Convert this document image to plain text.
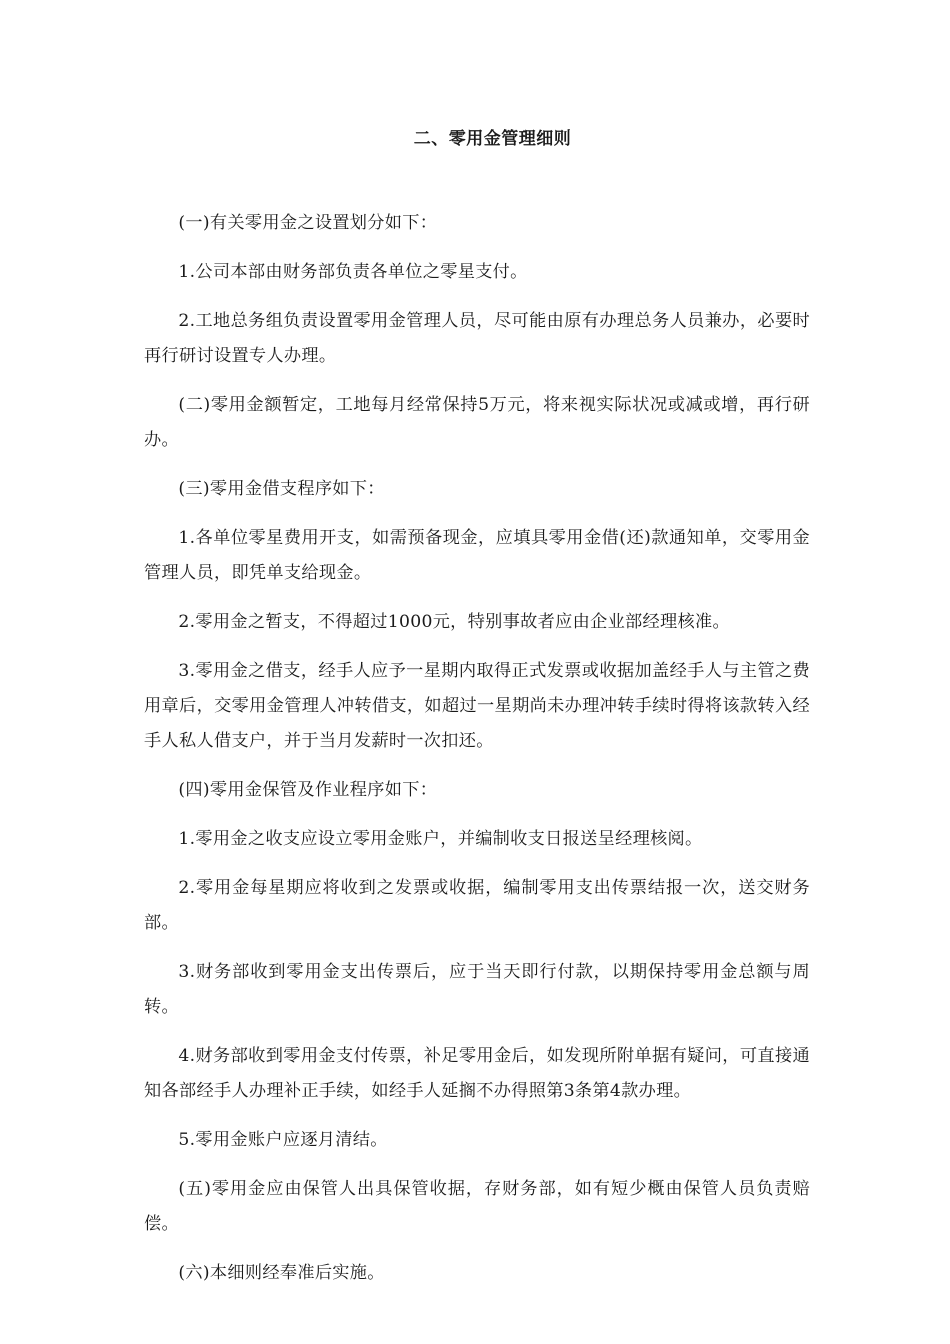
二、零用金管理细则

(一)有关零用金之设置划分如下：

1.公司本部由财务部负责各单位之零星支付。

2.工地总务组负责设置零用金管理人员，尽可能由原有办理总务人员兼办，必要时再行研讨设置专人办理。

(二)零用金额暂定，工地每月经常保持5万元，将来视实际状况或减或增，再行研办。

(三)零用金借支程序如下：

1.各单位零星费用开支，如需预备现金，应填具零用金借(还)款通知单，交零用金管理人员，即凭单支给现金。

2.零用金之暂支，不得超过1000元，特别事故者应由企业部经理核准。

3.零用金之借支，经手人应予一星期内取得正式发票或收据加盖经手人与主管之费用章后，交零用金管理人冲转借支，如超过一星期尚未办理冲转手续时得将该款转入经手人私人借支户，并于当月发薪时一次扣还。

(四)零用金保管及作业程序如下：

1.零用金之收支应设立零用金账户，并编制收支日报送呈经理核阅。

2.零用金每星期应将收到之发票或收据，编制零用支出传票结报一次，送交财务部。

3.财务部收到零用金支出传票后，应于当天即行付款，以期保持零用金总额与周转。

4.财务部收到零用金支付传票，补足零用金后，如发现所附单据有疑问，可直接通知各部经手人办理补正手续，如经手人延搁不办得照第3条第4款办理。

5.零用金账户应逐月清结。

(五)零用金应由保管人出具保管收据，存财务部，如有短少概由保管人员负责赔偿。

(六)本细则经奉准后实施。
